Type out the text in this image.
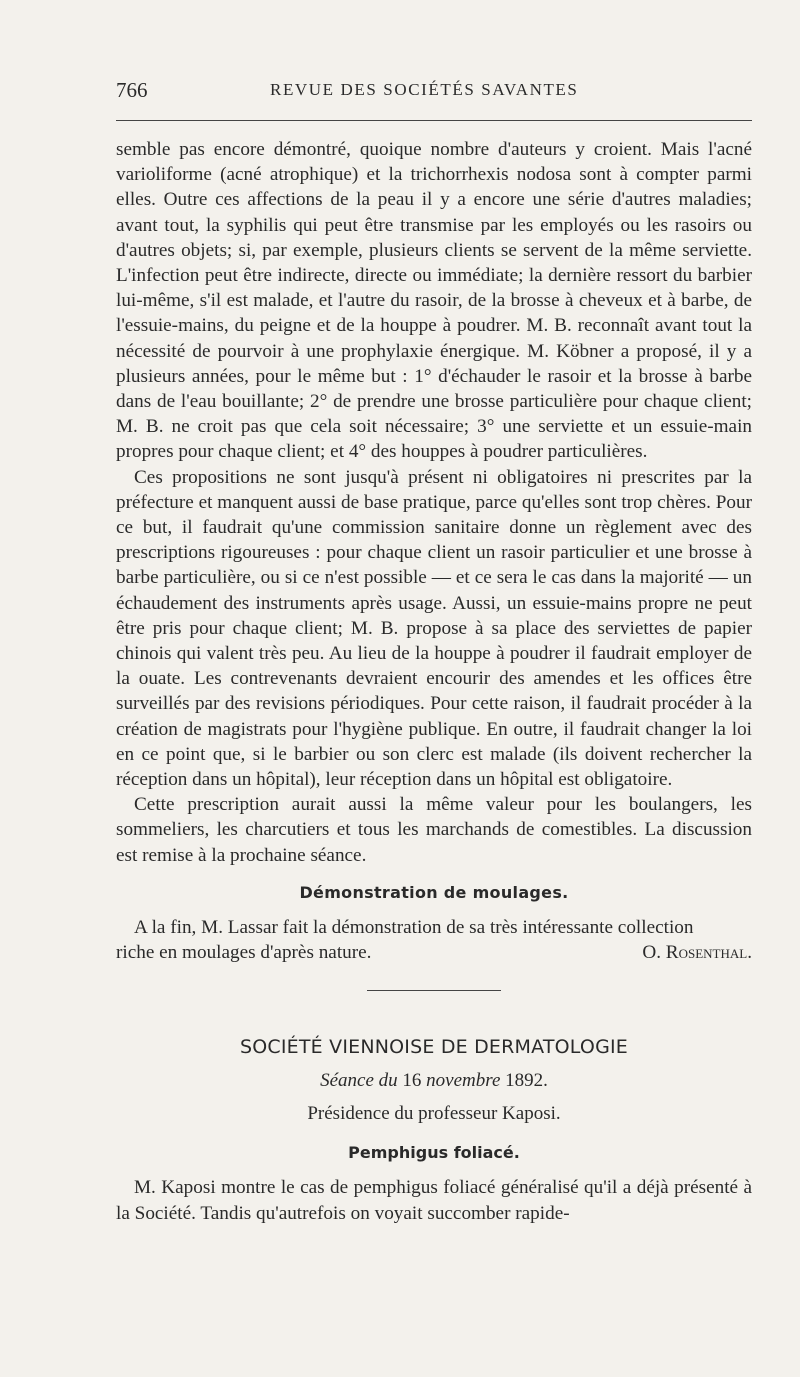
766	REVUE DES SOCIÉTÉS SAVANTES

semble pas encore démontré, quoique nombre d'auteurs y croient. Mais l'acné varioliforme (acné atrophique) et la trichorrhexis nodosa sont à compter parmi elles. Outre ces affections de la peau il y a encore une série d'autres maladies; avant tout, la syphilis qui peut être transmise par les employés ou les rasoirs ou d'autres objets; si, par exemple, plusieurs clients se servent de la même serviette. L'infection peut être indirecte, directe ou immédiate; la dernière ressort du barbier lui-même, s'il est malade, et l'autre du rasoir, de la brosse à cheveux et à barbe, de l'essuie-mains, du peigne et de la houppe à poudrer. M. B. reconnaît avant tout la nécessité de pourvoir à une prophylaxie énergique. M. Köbner a proposé, il y a plusieurs années, pour le même but : 1° d'échauder le rasoir et la brosse à barbe dans de l'eau bouillante; 2° de prendre une brosse particulière pour chaque client; M. B. ne croit pas que cela soit nécessaire; 3° une serviette et un essuie-main propres pour chaque client; et 4° des houppes à poudrer particulières.

Ces propositions ne sont jusqu'à présent ni obligatoires ni prescrites par la préfecture et manquent aussi de base pratique, parce qu'elles sont trop chères. Pour ce but, il faudrait qu'une commission sanitaire donne un règlement avec des prescriptions rigoureuses : pour chaque client un rasoir particulier et une brosse à barbe particulière, ou si ce n'est possible — et ce sera le cas dans la majorité — un échaudement des instruments après usage. Aussi, un essuie-mains propre ne peut être pris pour chaque client; M. B. propose à sa place des serviettes de papier chinois qui valent très peu. Au lieu de la houppe à poudrer il faudrait employer de la ouate. Les contrevenants devraient encourir des amendes et les offices être surveillés par des revisions périodiques. Pour cette raison, il faudrait procéder à la création de magistrats pour l'hygiène publique. En outre, il faudrait changer la loi en ce point que, si le barbier ou son clerc est malade (ils doivent rechercher la réception dans un hôpital), leur réception dans un hôpital est obligatoire.

Cette prescription aurait aussi la même valeur pour les boulangers, les sommeliers, les charcutiers et tous les marchands de comestibles. La discussion est remise à la prochaine séance.

Démonstration de moulages.

A la fin, M. Lassar fait la démonstration de sa très intéressante collection

riche en moulages d'après nature.	O. Rosenthal.
SOCIÉTÉ VIENNOISE DE DERMATOLOGIE
Séance du 16 novembre 1892.
Présidence du professeur Kaposi.
Pemphigus foliacé.

M. Kaposi montre le cas de pemphigus foliacé généralisé qu'il a déjà présenté à la Société. Tandis qu'autrefois on voyait succomber rapide-
